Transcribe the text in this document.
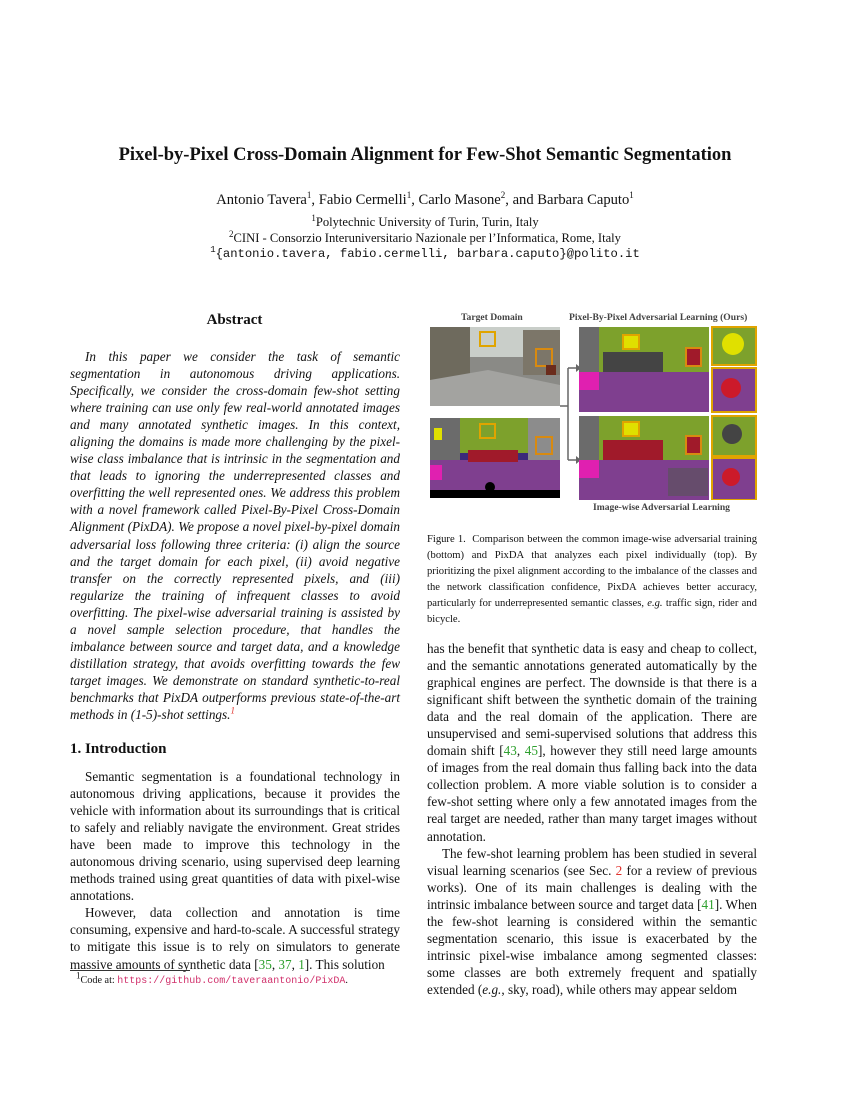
Pixel-by-Pixel Cross-Domain Alignment for Few-Shot Semantic Segmentation
Antonio Tavera$^1$, Fabio Cermelli$^1$, Carlo Masone$^2$, and Barbara Caputo$^1$
$^1$Polytechnic University of Turin, Turin, Italy
$^2$CINI - Consorzio Interuniversitario Nazionale per l’Informatica, Rome, Italy
$^1${antonio.tavera, fabio.cermelli, barbara.caputo}@polito.it
Abstract

In this paper we consider the task of semantic segmentation in autonomous driving applications. Specifically, we consider the cross-domain few-shot setting where training can use only few real-world annotated images and many annotated synthetic images. In this context, aligning the domains is made more challenging by the pixel-wise class imbalance that is intrinsic in the segmentation and that leads to ignoring the underrepresented classes and overfitting the well represented ones. We address this problem with a novel framework called Pixel-By-Pixel Cross-Domain Alignment (PixDA). We propose a novel pixel-by-pixel domain adversarial loss following three criteria: (i) align the source and the target domain for each pixel, (ii) avoid negative transfer on the correctly represented pixels, and (iii) regularize the training of infrequent classes to avoid overfitting. The pixel-wise adversarial training is assisted by a novel sample selection procedure, that handles the imbalance between source and target data, and a knowledge distillation strategy, that avoids overfitting towards the few target images. We demonstrate on standard synthetic-to-real benchmarks that PixDA outperforms previous state-of-the-art methods in (1-5)-shot settings.$^1$

1. Introduction

Semantic segmentation is a foundational technology in autonomous driving applications, because it provides the vehicle with information about its surroundings that is critical to safely and reliably navigate the environment. Great strides have been made to improve this technology in the autonomous driving scenario, using supervised deep learning methods trained using great quantities of data with pixel-wise annotations.

However, data collection and annotation is time consuming, expensive and hard-to-scale. A successful strategy to mitigate this issue is to rely on simulators to generate massive amounts of synthetic data [35, 37, 1]. This solution

$^1$Code at: https://github.com/taveraantonio/PixDA.
Target Domain	Pixel-By-Pixel Adversarial Learning (Ours)
Image-wise Adversarial Learning
Figure 1. Comparison between the common image-wise adversarial training (bottom) and PixDA that analyzes each pixel individually (top). By prioritizing the pixel alignment according to the imbalance of the classes and the network classification confidence, PixDA achieves better accuracy, particularly for underrepresented semantic classes, e.g. traffic sign, rider and bicycle.

has the benefit that synthetic data is easy and cheap to collect, and the semantic annotations generated automatically by the graphical engines are perfect. The downside is that there is a significant shift between the synthetic domain of the training data and the real domain of the application. There are unsupervised and semi-supervised solutions that address this domain shift [43, 45], however they still need large amounts of images from the real domain thus falling back into the data collection problem. A more viable solution is to consider a few-shot setting where only a few annotated images from the real target are needed, rather than many target images without annotation.

The few-shot learning problem has been studied in several visual learning scenarios (see Sec. 2 for a review of previous works). One of its main challenges is dealing with the intrinsic imbalance between source and target data [41]. When the few-shot learning is considered within the semantic segmentation scenario, this issue is exacerbated by the intrinsic pixel-wise imbalance among segmented classes: some classes are both extremely frequent and spatially extended (e.g., sky, road), while others may appear seldom
